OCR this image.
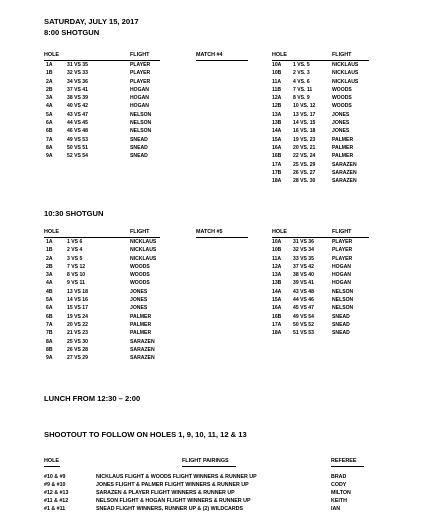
SATURDAY, JULY 15, 2017
8:00 SHOTGUN
HOLE	FLIGHT	MATCH #4	HOLE	FLIGHT
1A	31 VS 35	PLAYER
1B	32 VS 33	PLAYER
2A	34 VS 36	PLAYER
2B	37 VS 41	HOGAN
3A	38 VS 39	HOGAN
4A	40 VS 42	HOGAN
5A	43 VS 47	NELSON
6A	44 VS 45	NELSON
6B	46 VS 48	NELSON
7A	49 VS 53	SNEAD
8A	50 VS 51	SNEAD
9A	52 VS 54	SNEAD
10A 1 VS. 5	NICKLAUS
10B 2 VS. 3	NICKLAUS
11A 4 VS. 6	NICKLAUS
11B 7 VS. 11	WOODS
12A 8 VS. 9	WOODS
12B 10 VS. 12	WOODS
13A 13 VS. 17	JONES
13B 14 VS. 15	JONES
14A 16 VS. 18	JONES
15A 19 VS. 23	PALMER
16A 20 VS. 21	PALMER
16B 22 VS. 24	PALMER
17A 25 VS. 29	SARAZEN
17B 26 VS. 27	SARAZEN
18A 28 VS. 30	SARAZEN
10:30 SHOTGUN
HOLE	FLIGHT	MATCH #5	HOLE	FLIGHT
1A	1 VS 6	NICKLAUS
1B	2 VS 4	NICKLAUS
2A	3 VS 5	NICKLAUS
2B	7 VS 12	WOODS
3A	8 VS 10	WOODS
4A	9 VS 11	WOODS
4B	13 VS 18	JONES
5A	14 VS 16	JONES
6A	15 VS 17	JONES
6B	19 VS 24	PALMER
7A	20 VS 22	PALMER
7B	21 VS 23	PALMER
8A	25 VS 30	SARAZEN
8B	26 VS 28	SARAZEN
9A	27 VS 29	SARAZEN
10A 31 VS 36	PLAYER
10B 32 VS 34	PLAYER
11A 33 VS 35	PLAYER
12A 37 VS 42	HOGAN
13A 38 VS 40	HOGAN
13B 39 VS 41	HOGAN
14A 43 VS 48	NELSON
15A 44 VS 46	NELSON
16A 45 VS 47	NELSON
16B 49 VS 54	SNEAD
17A 50 VS 52	SNEAD
18A 51 VS 53	SNEAD
LUNCH FROM 12:30 – 2:00
SHOOTOUT TO FOLLOW ON HOLES 1, 9, 10, 11, 12 & 13
HOLE	FLIGHT PAIRINGS	REFEREE
#10 & #9	NICKLAUS FLIGHT & WOODS FLIGHT WINNERS & RUNNER UP	BRAD
#9 & #10	JONES FLIGHT & PALMER FLIGHT WINNERS & RUNNER UP	CODY
#12 & #13	SARAZEN & PLAYER FLIGHT WINNERS & RUNNER UP	MILTON
#11 & #12	NELSON FLIGHT & HOGAN FLIGHT WINNERS & RUNNER UP	KEITH
#1 & #11	SNEAD FLIGHT WINNERS, RUNNER UP & (2) WILDCARDS	IAN
